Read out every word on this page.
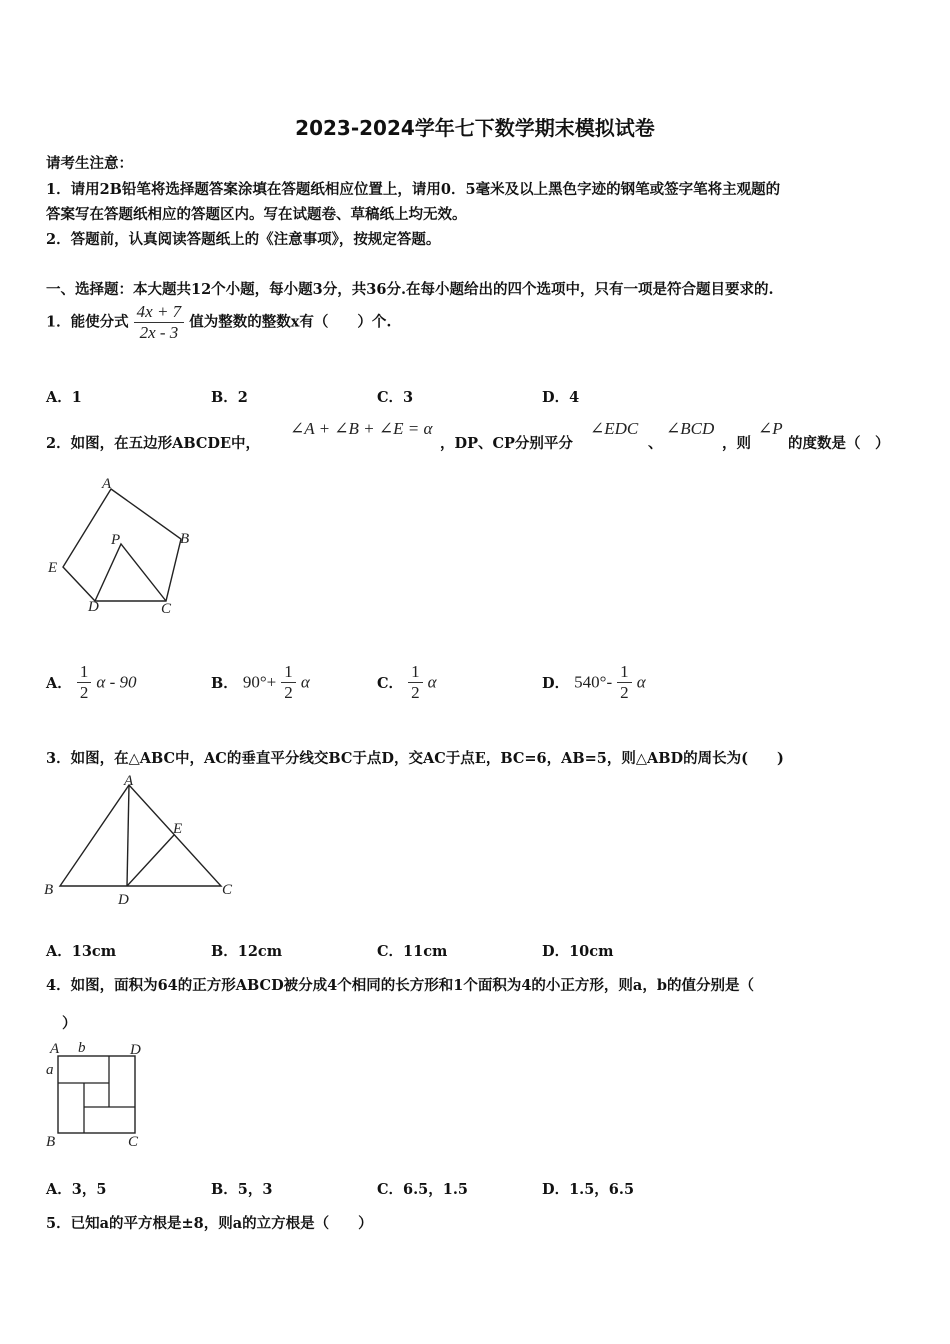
2023-2024学年七下数学期末模拟试卷
请考生注意：
1．请用2B铅笔将选择题答案涂填在答题纸相应位置上，请用0．5毫米及以上黑色字迹的钢笔或签字笔将主观题的
答案写在答题纸相应的答题区内。写在试题卷、草稿纸上均无效。
2．答题前，认真阅读答题纸上的《注意事项》，按规定答题。
一、选择题：本大题共12个小题，每小题3分，共36分.在每小题给出的四个选项中，只有一项是符合题目要求的.
1．能使分式 $\frac{4x + 7}{2x - 3}$ 值为整数的整数x有（　　）个.
A．1	B．2	C．3	D．4
2．如图，在五边形ABCDE中，
∠A + ∠B + ∠E = α
，DP、CP分别平分
∠EDC
、
∠BCD
，则
∠P
的度数是（　）
A
B
C
D
E
P
A． $\frac{1}{2}$ α - 90	B． $90^\circ+ \frac{1}{2}$ α	C． $\frac{1}{2}$ α	D． $540^\circ- \frac{1}{2}$ α
3．如图，在△ABC中，AC的垂直平分线交BC于点D，交AC于点E，BC=6，AB=5，则△ABD的周长为(　　)
A
B	C
D
E
A．13cm	B．12cm	C．11cm	D．10cm
4．如图，面积为64的正方形ABCD被分成4个相同的长方形和1个面积为4的小正方形，则a，b的值分别是（
）
A b	D
a
B	C
A．3，5	B．5，3	C．6.5，1.5	D．1.5，6.5
5．已知a的平方根是±8，则a的立方根是（　　）
